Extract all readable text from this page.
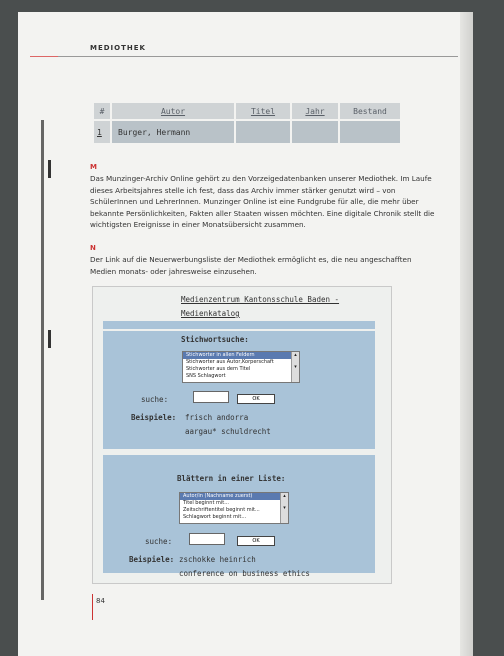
MEDIOTHEK
#	Autor	Titel	Jahr	Bestand
1	Burger, Hermann			
M
Das Munzinger-Archiv Online gehört zu den Vorzeigedatenbanken unserer Mediothek. Im Laufe dieses Arbeitsjahres stelle ich fest, dass das Archiv immer stärker genutzt wird – von SchülerInnen und LehrerInnen. Munzinger Online ist eine Fundgrube für alle, die mehr über bekannte Persönlichkeiten, Fakten aller Staaten wissen möchten. Eine digitale Chronik stellt die wichtigsten Ereignisse in einer Monatsübersicht zusammen.
N
Der Link auf die Neuerwerbungsliste der Mediothek ermöglicht es, die neu angeschafften Medien monats- oder jahresweise einzusehen.
Medienzentrum Kantonsschule Baden -
Medienkatalog
Stichwortsuche:
Stichworter in allen Feldern
Stichworter aus Autor,Korperschaft
Stichworter aus dem Titel
SNS Schlagwort
▴

▾
suche:	OK
Beispiele: frisch andorra
aargau* schuldrecht
Blättern in einer Liste:
Autor/in (Nachname zuerst)
Titel beginnt mit...
Zeitschriftentitel beginnt mit...
Schlagwort beginnt mit...
▴

▾
suche:	OK
Beispiele: zschokke heinrich
conference on business ethics
84
